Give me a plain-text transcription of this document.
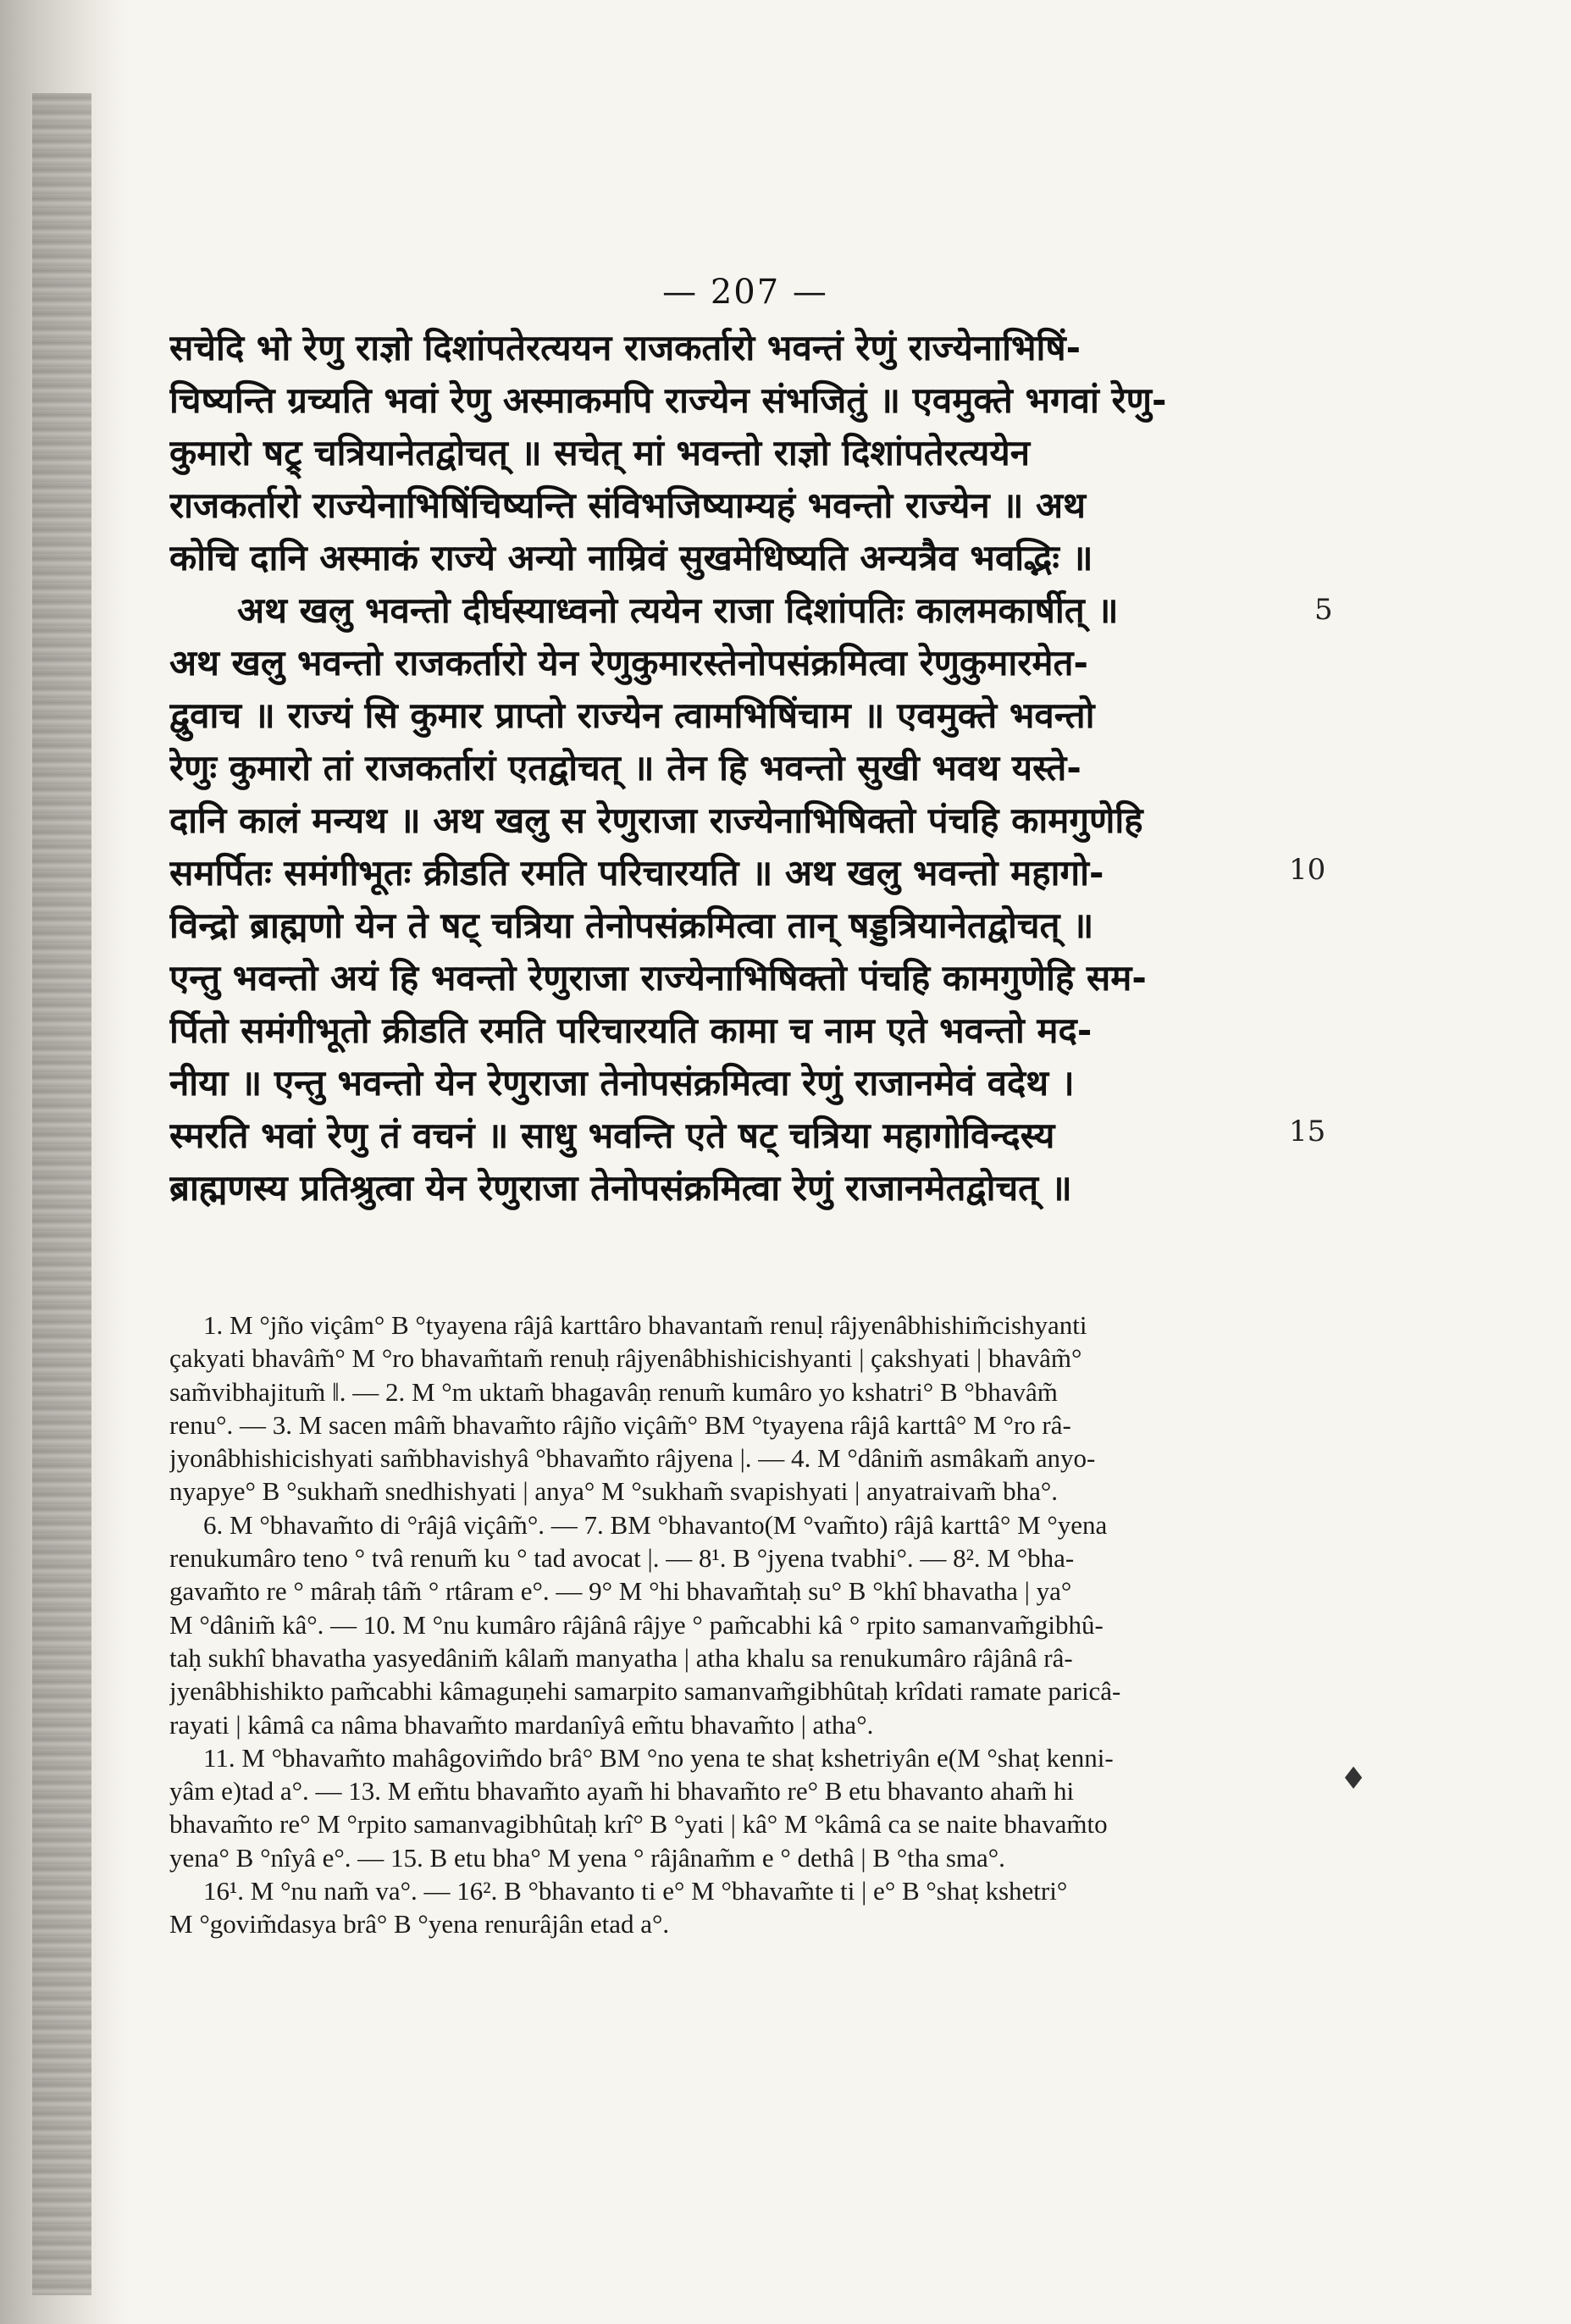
— 207 —
सचेदि भो रेणु राज्ञो दिशांपतेरत्ययन राजकर्तारो भवन्तं रेणुं राज्येनाभिषिं-
चिष्यन्ति ग्रच्यति भवां रेणु अस्माकमपि राज्येन संभजितुं ॥ एवमुक्ते भगवां रेणु-
कुमारो षट्र् चत्रियानेतद्वोचत् ॥ सचेत् मां भवन्तो राज्ञो दिशांपतेरत्ययेन
राजकर्तारो राज्येनाभिषिंचिष्यन्ति संविभजिष्याम्यहं भवन्तो राज्येन ॥ अथ
कोचि दानि अस्माकं राज्ये अन्यो नाम्रिवं सुखमेधिष्यति अन्यत्रैव भवद्भिः ॥
अथ खलु भवन्तो दीर्घस्याध्वनो त्ययेन राजा दिशांपतिः कालमकार्षीत् ॥
अथ खलु भवन्तो राजकर्तारो येन रेणुकुमारस्तेनोपसंक्रमित्वा रेणुकुमारमेत-
द्वुवाच ॥ राज्यं सि कुमार प्राप्तो राज्येन त्वामभिषिंचाम ॥ एवमुक्ते भवन्तो
रेणुः कुमारो तां राजकर्तारां एतद्वोचत् ॥ तेन हि भवन्तो सुखी भवथ यस्ते-
दानि कालं मन्यथ ॥ अथ खलु स रेणुराजा राज्येनाभिषिक्तो पंचहि कामगुणेहि
समर्पितः समंगीभूतः क्रीडति रमति परिचारयति ॥ अथ खलु भवन्तो महागो-
विन्द्रो ब्राह्मणो येन ते षट् चत्रिया तेनोपसंक्रमित्वा तान् षड्डत्रियानेतद्वोचत् ॥
एन्तु भवन्तो अयं हि भवन्तो रेणुराजा राज्येनाभिषिक्तो पंचहि कामगुणेहि सम-
र्पितो समंगीभूतो क्रीडति रमति परिचारयति कामा च नाम एते भवन्तो मद-
नीया ॥ एन्तु भवन्तो येन रेणुराजा तेनोपसंक्रमित्वा रेणुं राजानमेवं वदेथ ।
स्मरति भवां रेणु तं वचनं ॥ साधु भवन्ति एते षट् चत्रिया महागोविन्दस्य
ब्राह्मणस्य प्रतिश्रुत्वा येन रेणुराजा तेनोपसंक्रमित्वा रेणुं राजानमेतद्वोचत् ॥
5
10
15
1. M °jño viçâm° B °tyayena râjâ karttâro bhavantam̃ renuḷ râjyenâbhishim̃cishyanti
çakyati bhavâm̃° M °ro bhavam̃tam̃ renuḥ râjyenâbhishicishyanti | çakshyati | bhavâm̃°
sam̃vibhajitum̃ ‖. — 2. M °m uktam̃ bhagavâṇ renum̃ kumâro yo kshatri° B °bhavâm̃
renu°. — 3. M sacen mâm̃ bhavam̃to râjño viçâm̃° BM °tyayena râjâ karttâ° M °ro râ-
jyonâbhishicishyati sam̃bhavishyâ °bhavam̃to râjyena |. — 4. M °dânim̃ asmâkam̃ anyo-
nyapye° B °sukham̃ snedhishyati | anya° M °sukham̃ svapishyati | anyatraivam̃ bha°.
6. M °bhavam̃to di °râjâ viçâm̃°. — 7. BM °bhavanto(M °vam̃to) râjâ karttâ° M °yena
renukumâro teno ° tvâ renum̃ ku ° tad avocat |. — 8¹. B °jyena tvabhi°. — 8². M °bha-
gavam̃to re ° mâraḥ tâm̃ ° rtâram e°. — 9° M °hi bhavam̃taḥ su° B °khî bhavatha | ya°
M °dânim̃ kâ°. — 10. M °nu kumâro râjânâ râjye ° pam̃cabhi kâ ° rpito samanvam̃gibhû-
taḥ sukhî bhavatha yasyedânim̃ kâlam̃ manyatha | atha khalu sa renukumâro râjânâ râ-
jyenâbhishikto pam̃cabhi kâmaguṇehi samarpito samanvam̃gibhûtaḥ krîdati ramate paricâ-
rayati | kâmâ ca nâma bhavam̃to mardanîyâ em̃tu bhavam̃to | atha°.
11. M °bhavam̃to mahâgovim̃do brâ° BM °no yena te shaṭ kshetriyân e(M °shaṭ kenni-
yâm e)tad a°. — 13. M em̃tu bhavam̃to ayam̃ hi bhavam̃to re° B etu bhavanto aham̃ hi
bhavam̃to re° M °rpito samanvagibhûtaḥ krî° B °yati | kâ° M °kâmâ ca se naite bhavam̃to
yena° B °nîyâ e°. — 15. B etu bha° M yena ° râjânam̃m e ° dethâ | B °tha sma°.
16¹. M °nu nam̃ va°. — 16². B °bhavanto ti e° M °bhavam̃te ti | e° B °shaṭ kshetri°
M °govim̃dasya brâ° B °yena renurâjân etad a°.
♦
